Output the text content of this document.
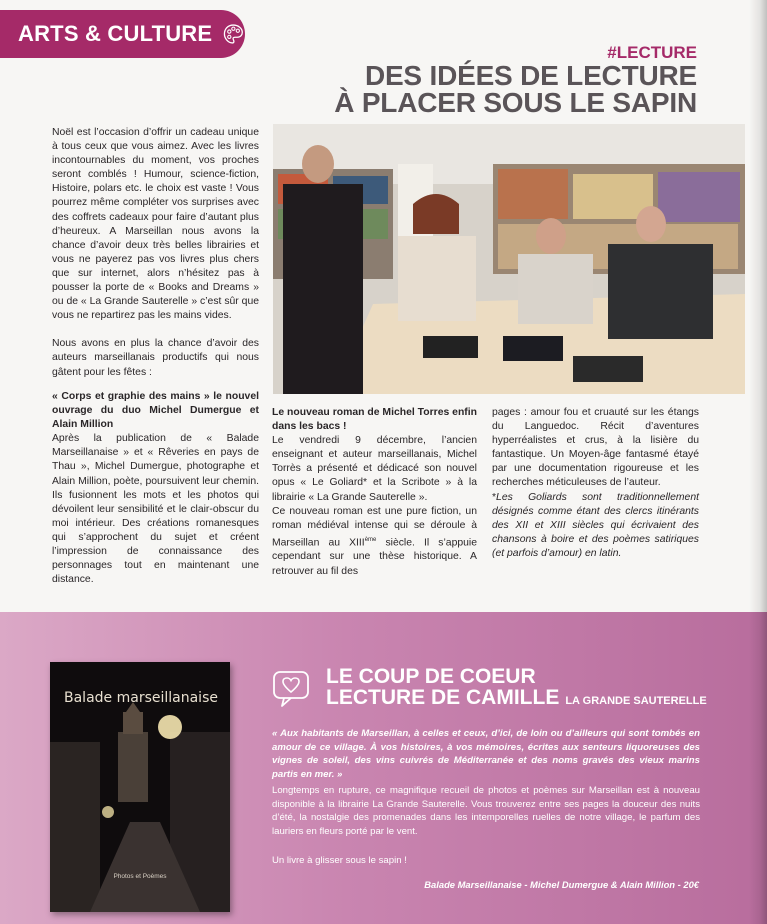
ARTS & CULTURE
#LECTURE
DES IDÉES DE LECTURE
À PLACER SOUS LE SAPIN

Noël est l’occasion d’offrir un cadeau unique à tous ceux que vous aimez. Avec les livres incontournables du moment, vos proches seront comblés ! Humour, science-fiction, Histoire, polars etc. le choix est vaste ! Vous pourrez même compléter vos surprises avec des coffrets cadeaux pour faire d’autant plus d’heureux. A Marseillan nous avons la chance d’avoir deux très belles librairies et vous ne payerez pas vos livres plus chers que sur internet, alors n’hésitez pas à pousser la porte de « Books and Dreams » ou de « La Grande Sauterelle » c’est sûr que vous ne repartirez pas les mains vides.

Nous avons en plus la chance d’avoir des auteurs marseillanais productifs qui nous gâtent pour les fêtes :

« Corps et graphie des mains » le nouvel ouvrage du duo Michel Dumergue et Alain Million

Après la publication de « Balade Marseillanaise » et « Rêveries en pays de Thau », Michel Dumergue, photographe et Alain Million, poète, poursuivent leur chemin. Ils fusionnent les mots et les photos qui dévoilent leur sensibilité et le clair-obscur du moi intérieur. Des créations romanesques qui s’approchent du sujet et créent l’impression de connaissance des personnages tout en maintenant une distance.

Le nouveau roman de Michel Torres enfin dans les bacs !

Le vendredi 9 décembre, l’ancien enseignant et auteur marseillanais, Michel Torrès a présenté et dédicacé son nouvel opus « Le Goliard* et la Scribote » à la librairie « La Grande Sauterelle ».

Ce nouveau roman est une pure fiction, un roman médiéval intense qui se déroule à Marseillan au XIIIème siècle. Il s’appuie cependant sur une thèse historique. A retrouver au fil des

pages : amour fou et cruauté sur les étangs du Languedoc. Récit d’aventures hyperréalistes et crus, à la lisière du fantastique. Un Moyen-âge fantasmé étayé par une documentation rigoureuse et les recherches méticuleuses de l’auteur.

*Les Goliards sont traditionnellement désignés comme étant des clercs itinérants des XII et XIII siècles qui écrivaient des chansons à boire et des poèmes satiriques (et parfois d’amour) en latin.

Balade marseillanaise
Photos et Poèmes
LE COUP DE COEUR
LECTURE DE CAMILLE LA GRANDE SAUTERELLE
« Aux habitants de Marseillan, à celles et ceux, d’ici, de loin ou d’ailleurs qui sont tombés en amour de ce village. À vos histoires, à vos mémoires, écrites aux senteurs liquoreuses des vignes de soleil, des vins cuivrés de Méditerranée et des noms gravés des vieux marins partis en mer. »
Longtemps en rupture, ce magnifique recueil de photos et poèmes sur Marseillan est à nouveau disponible à la librairie La Grande Sauterelle. Vous trouverez entre ses pages la douceur des nuits d’été, la nostalgie des promenades dans les intemporelles ruelles de notre village, le parfum des lauriers en fleurs porté par le vent.
Un livre à glisser sous le sapin !
Balade Marseillanaise - Michel Dumergue & Alain Million - 20€
